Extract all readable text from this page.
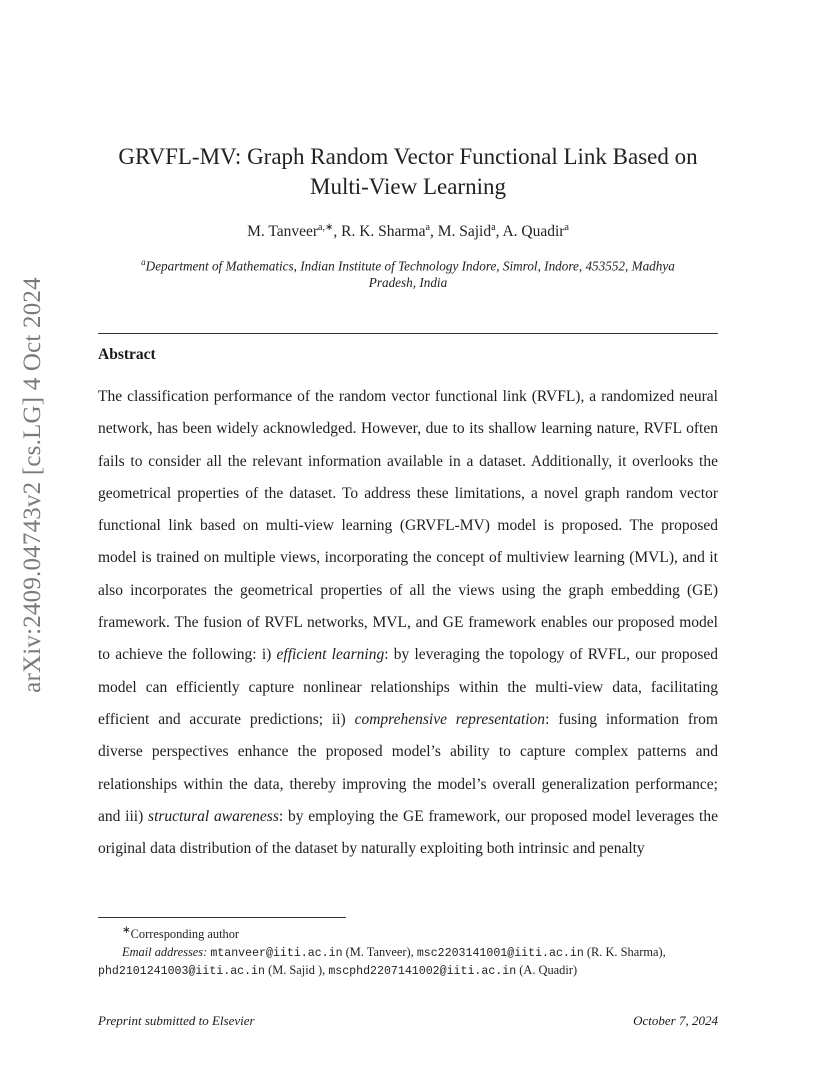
arXiv:2409.04743v2 [cs.LG] 4 Oct 2024
GRVFL-MV: Graph Random Vector Functional Link Based on
Multi-View Learning
M. Tanveer$^{a,∗}$, R. K. Sharma$^a$, M. Sajid$^a$, A. Quadir$^a$
$^a$Department of Mathematics, Indian Institute of Technology Indore, Simrol, Indore, 453552, Madhya
Pradesh, India
Abstract
The classification performance of the random vector functional link (RVFL), a randomized neural network, has been widely acknowledged. However, due to its shallow learning nature, RVFL often fails to consider all the relevant information available in a dataset. Additionally, it overlooks the geometrical properties of the dataset. To address these limitations, a novel graph random vector functional link based on multi-view learning (GRVFL-MV) model is proposed. The proposed model is trained on multiple views, incorporating the concept of multiview learning (MVL), and it also incorporates the geometrical properties of all the views using the graph embedding (GE) framework. The fusion of RVFL networks, MVL, and GE framework enables our proposed model to achieve the following: i) efficient learning: by leveraging the topology of RVFL, our proposed model can efficiently capture nonlinear relationships within the multi-view data, facilitating efficient and accurate predictions; ii) comprehensive representation: fusing information from diverse perspectives enhance the proposed model’s ability to capture complex patterns and relationships within the data, thereby improving the model’s overall generalization performance; and iii) structural awareness: by employing the GE framework, our proposed model leverages the original data distribution of the dataset by naturally exploiting both intrinsic and penalty
∗Corresponding author
Email addresses: mtanveer@iiti.ac.in (M. Tanveer), msc2203141001@iiti.ac.in (R. K. Sharma), phd2101241003@iiti.ac.in (M. Sajid ), mscphd2207141002@iiti.ac.in (A. Quadir)
Preprint submitted to Elsevier	October 7, 2024
